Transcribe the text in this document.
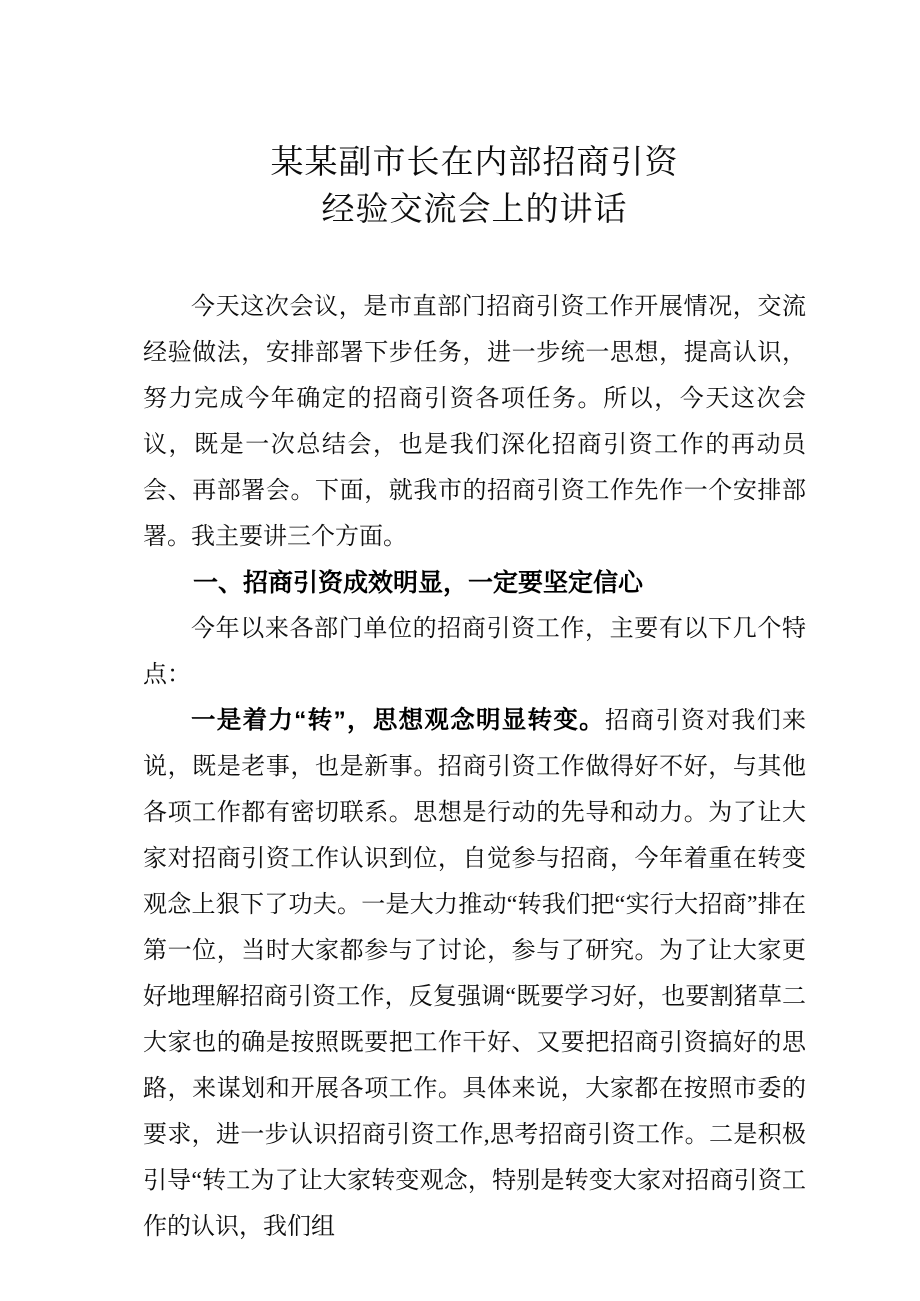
某某副市长在内部招商引资
经验交流会上的讲话

今天这次会议，是市直部门招商引资工作开展情况，交流经验做法，安排部署下步任务，进一步统一思想，提高认识，努力完成今年确定的招商引资各项任务。所以，今天这次会议，既是一次总结会，也是我们深化招商引资工作的再动员会、再部署会。下面，就我市的招商引资工作先作一个安排部署。我主要讲三个方面。

一、招商引资成效明显，一定要坚定信心

今年以来各部门单位的招商引资工作，主要有以下几个特点：

一是着力“转”，思想观念明显转变。招商引资对我们来说，既是老事，也是新事。招商引资工作做得好不好，与其他各项工作都有密切联系。思想是行动的先导和动力。为了让大家对招商引资工作认识到位，自觉参与招商，今年着重在转变观念上狠下了功夫。一是大力推动“转我们把“实行大招商”排在第一位，当时大家都参与了讨论，参与了研究。为了让大家更好地理解招商引资工作，反复强调“既要学习好，也要割猪草二大家也的确是按照既要把工作干好、又要把招商引资搞好的思路，来谋划和开展各项工作。具体来说，大家都在按照市委的要求，进一步认识招商引资工作,思考招商引资工作。二是积极引导“转工为了让大家转变观念，特别是转变大家对招商引资工作的认识，我们组
